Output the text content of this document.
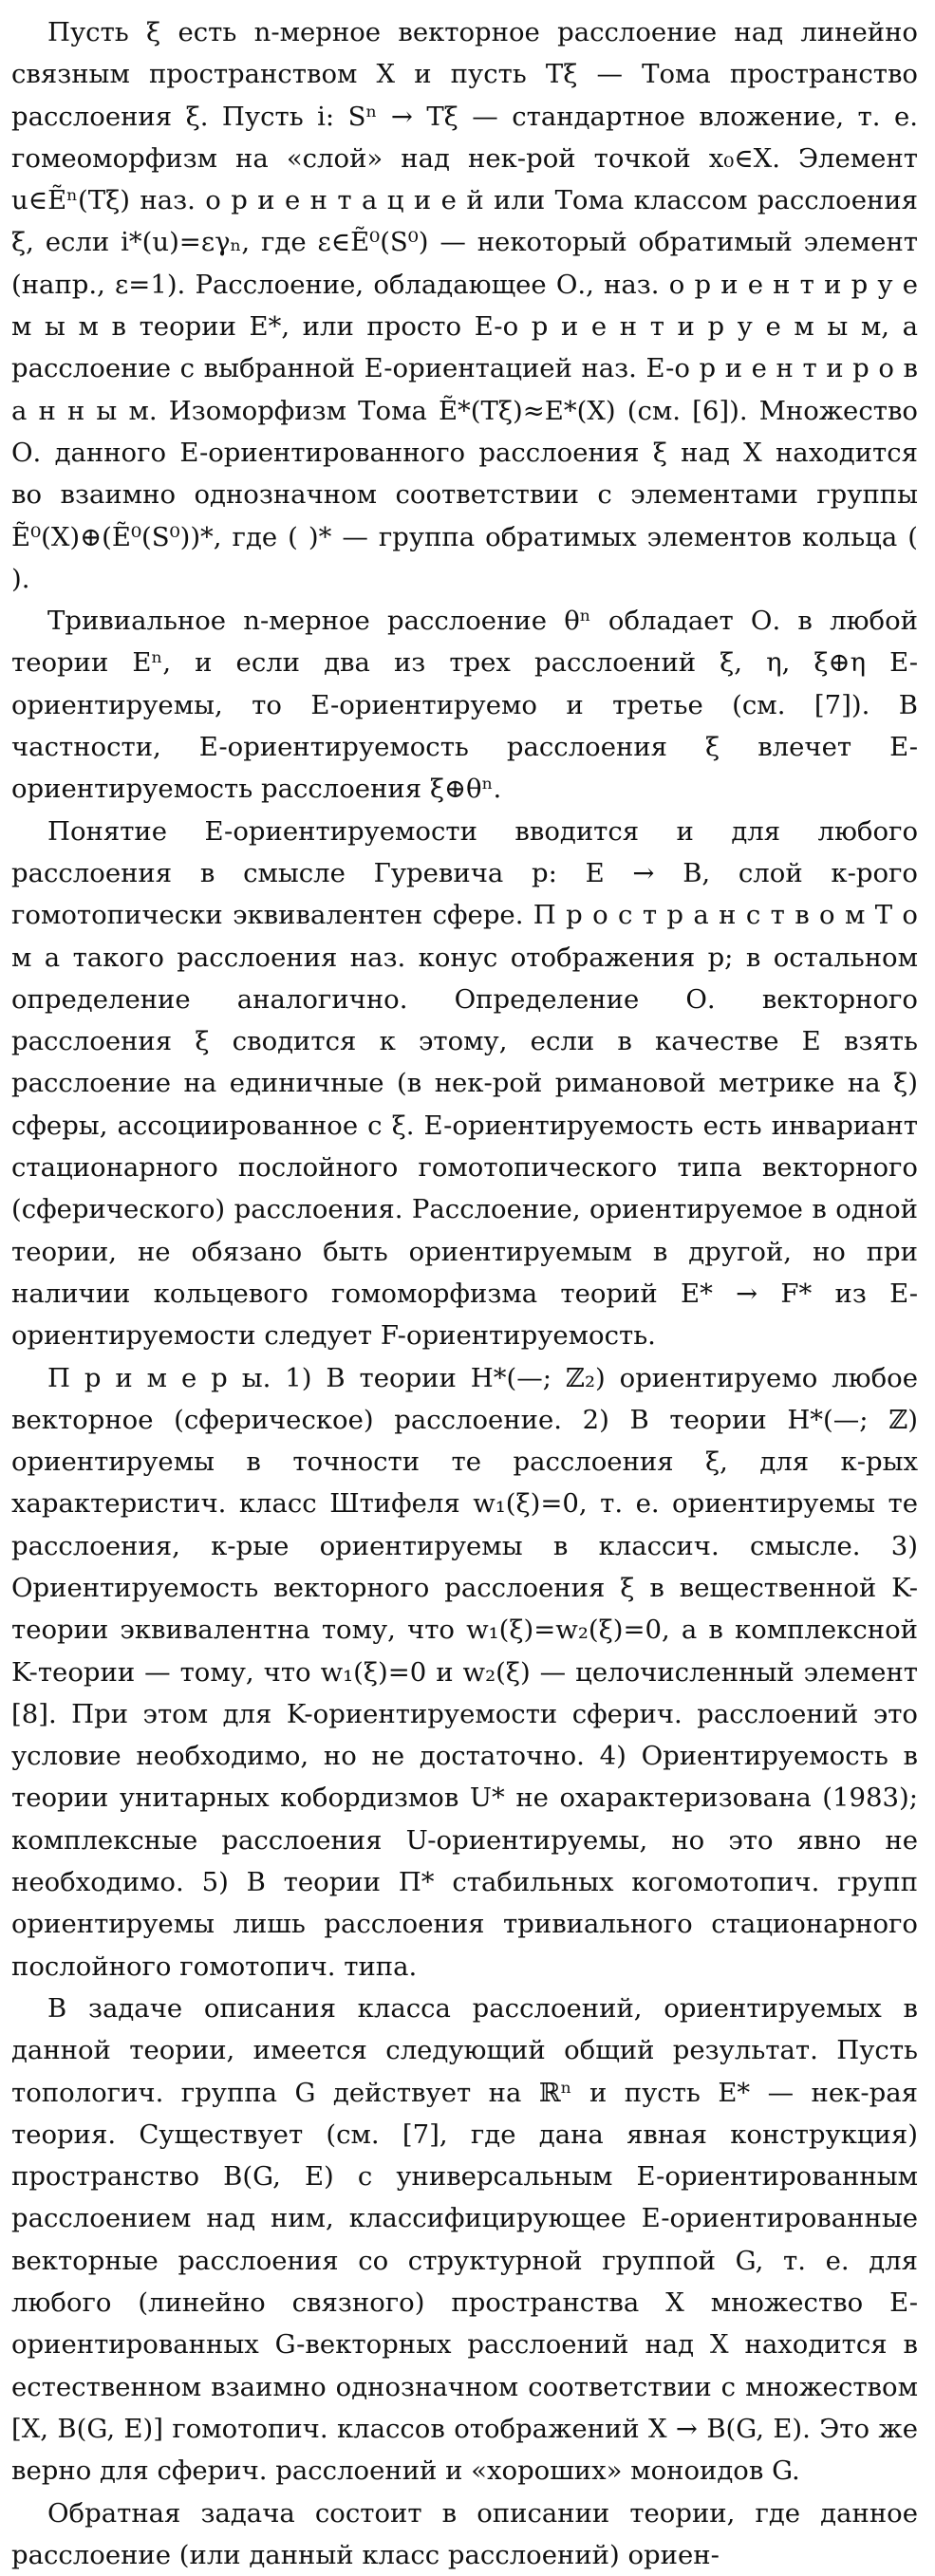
Пусть ξ есть n-мерное векторное расслоение над линейно связным пространством X и пусть Tξ — Тома пространство расслоения ξ. Пусть i: Sⁿ → Tξ — стандартное вложение, т. е. гомеоморфизм на «слой» над нек-рой точкой x₀∈X. Элемент u∈Ẽⁿ(Tξ) наз. о р и е н т а ц и е й или Тома классом расслоения ξ, если i*(u)=εγₙ, где ε∈Ẽ⁰(S⁰) — некоторый обратимый элемент (напр., ε=1). Расслоение, обладающее О., наз. о р и е н т и р у е м ы м в теории E*, или просто E-о р и е н т и р у е м ы м, а расслоение с выбранной E-ориентацией наз. E-о р и е н т и р о в а н н ы м. Изоморфизм Тома Ẽ*(Tξ)≈E*(X) (см. [6]). Множество О. данного E-ориентированного расслоения ξ над X находится во взаимно однозначном соответствии с элементами группы Ẽ⁰(X)⊕(Ẽ⁰(S⁰))*, где ( )* — группа обратимых элементов кольца ( ).

Тривиальное n-мерное расслоение θⁿ обладает О. в любой теории Eⁿ, и если два из трех расслоений ξ, η, ξ⊕η E-ориентируемы, то E-ориентируемо и третье (см. [7]). В частности, E-ориентируемость расслоения ξ влечет E-ориентируемость расслоения ξ⊕θⁿ.

Понятие E-ориентируемости вводится и для любого расслоения в смысле Гуревича p: E → B, слой к-рого гомотопически эквивалентен сфере. П р о с т р а н с т в о м Т о м а такого расслоения наз. конус отображения p; в остальном определение аналогично. Определение О. векторного расслоения ξ сводится к этому, если в качестве E взять расслоение на единичные (в нек-рой римановой метрике на ξ) сферы, ассоциированное с ξ. E-ориентируемость есть инвариант стационарного послойного гомотопического типа векторного (сферического) расслоения. Расслоение, ориентируемое в одной теории, не обязано быть ориентируемым в другой, но при наличии кольцевого гомоморфизма теорий E* → F* из E-ориентируемости следует F-ориентируемость.

П р и м е р ы. 1) В теории H*(—; ℤ₂) ориентируемо любое векторное (сферическое) расслоение. 2) В теории H*(—; ℤ) ориентируемы в точности те расслоения ξ, для к-рых характеристич. класс Штифеля w₁(ξ)=0, т. е. ориентируемы те расслоения, к-рые ориентируемы в классич. смысле. 3) Ориентируемость векторного расслоения ξ в вещественной K-теории эквивалентна тому, что w₁(ξ)=w₂(ξ)=0, а в комплексной K-теории — тому, что w₁(ξ)=0 и w₂(ξ) — целочисленный элемент [8]. При этом для K-ориентируемости сферич. расслоений это условие необходимо, но не достаточно. 4) Ориентируемость в теории унитарных кобордизмов U* не охарактеризована (1983); комплексные расслоения U-ориентируемы, но это явно не необходимо. 5) В теории Π* стабильных когомотопич. групп ориентируемы лишь расслоения тривиального стационарного послойного гомотопич. типа.

В задаче описания класса расслоений, ориентируемых в данной теории, имеется следующий общий результат. Пусть топологич. группа G действует на ℝⁿ и пусть E* — нек-рая теория. Существует (см. [7], где дана явная конструкция) пространство B(G, E) с универсальным E-ориентированным расслоением над ним, классифицирующее E-ориентированные векторные расслоения со структурной группой G, т. е. для любого (линейно связного) пространства X множество E-ориентированных G-векторных расслоений над X находится в естественном взаимно однозначном соответствии с множеством [X, B(G, E)] гомотопич. классов отображений X → B(G, E). Это же верно для сферич. расслоений и «хороших» моноидов G.

Обратная задача состоит в описании теории, где данное расслоение (или данный класс расслоений) ориен-
